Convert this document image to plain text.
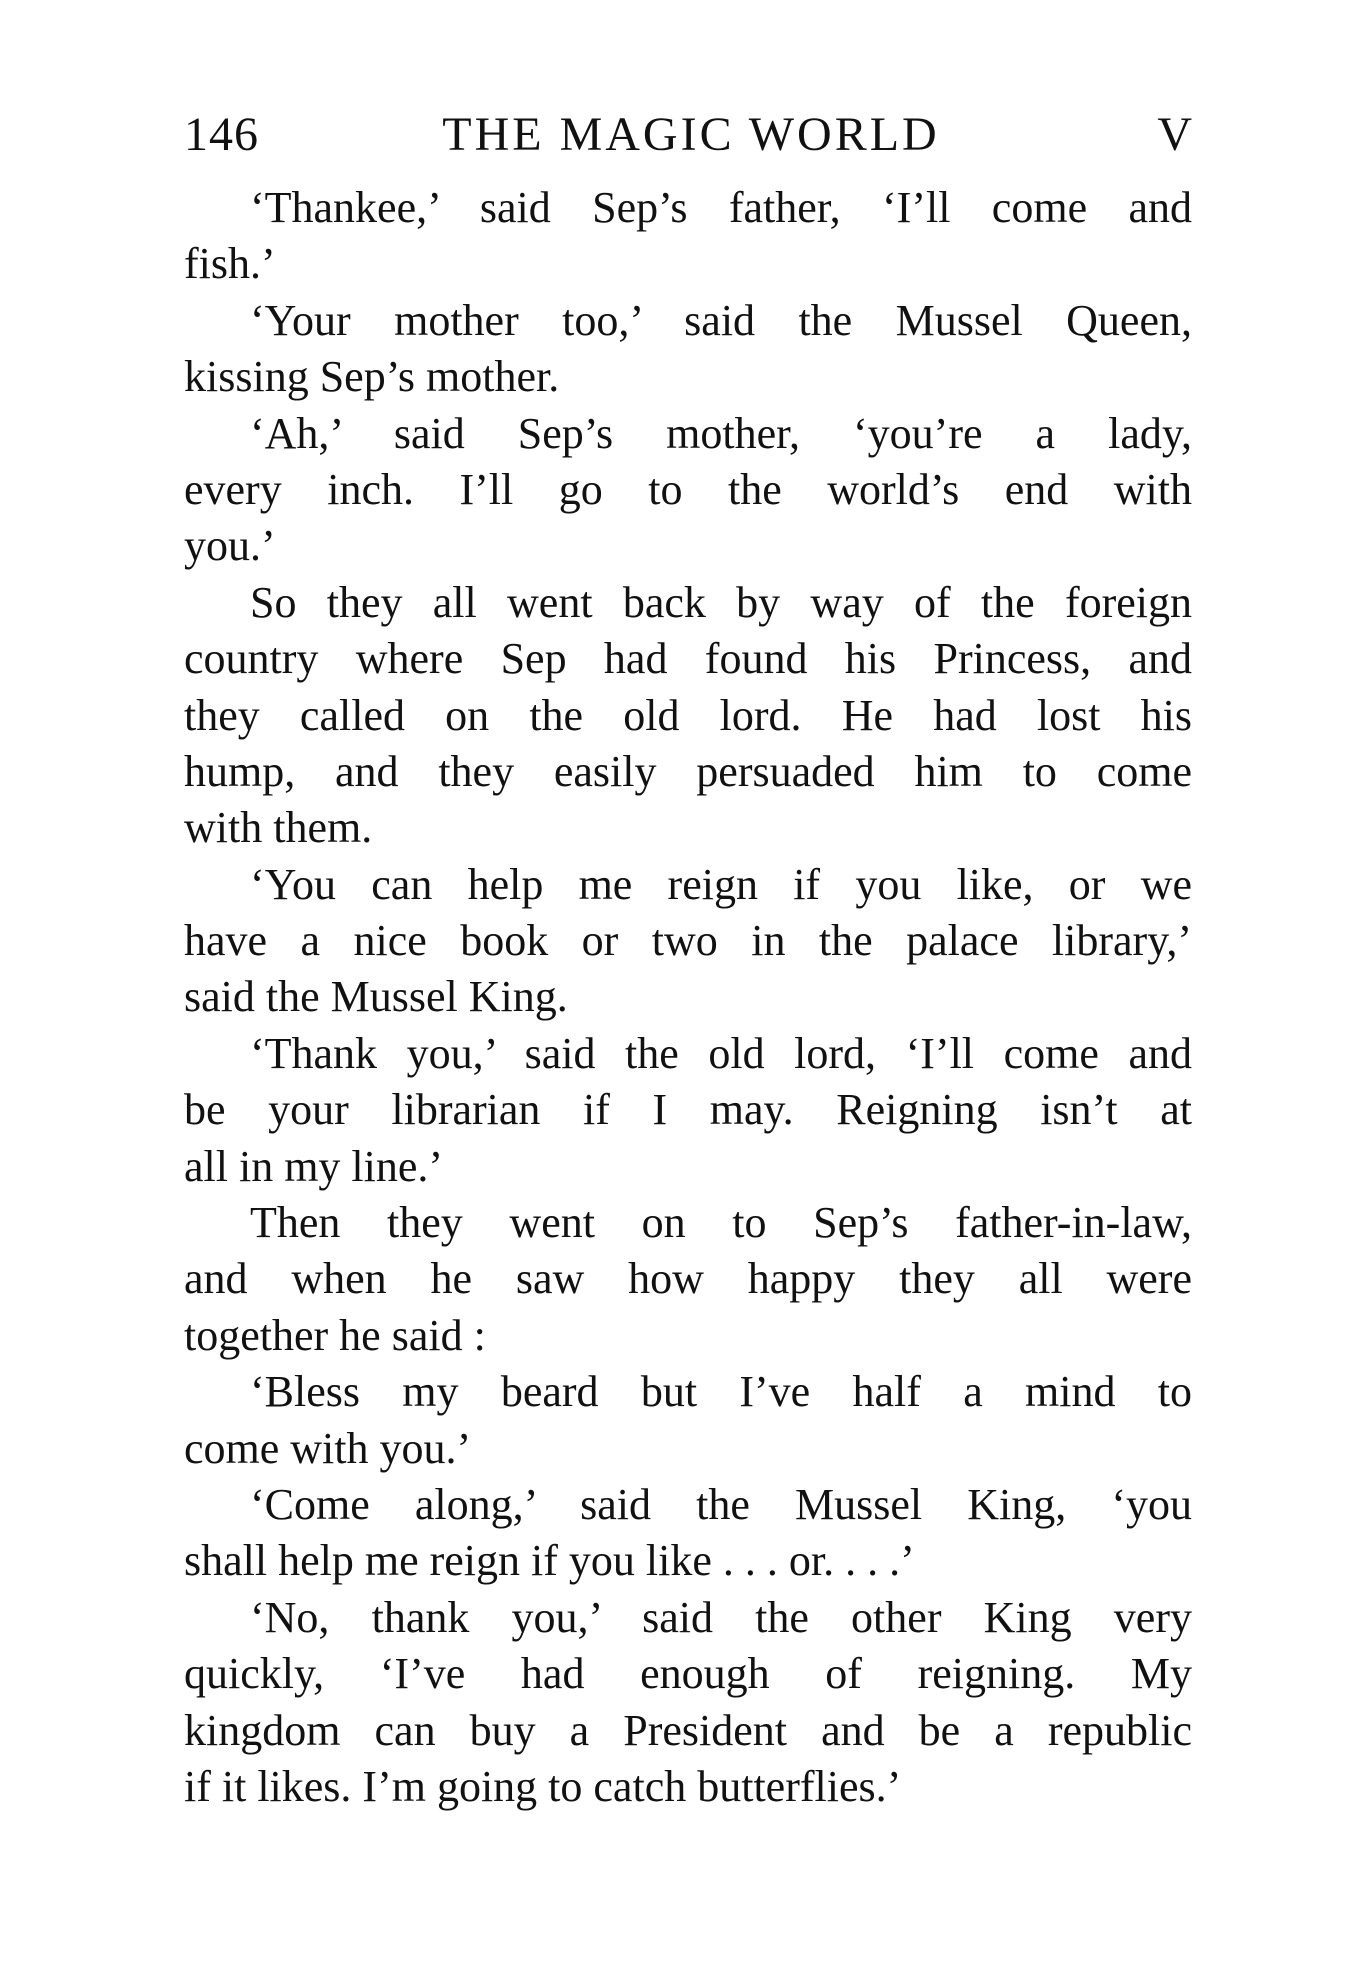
146	THE MAGIC WORLD	V
‘Thankee,’ said Sep’s father, ‘I’ll come and
fish.’
‘Your mother too,’ said the Mussel Queen,
kissing Sep’s mother.
‘Ah,’ said Sep’s mother, ‘you’re a lady,
every inch. I’ll go to the world’s end with
you.’
So they all went back by way of the foreign
country where Sep had found his Princess, and
they called on the old lord. He had lost his
hump, and they easily persuaded him to come
with them.
‘You can help me reign if you like, or we
have a nice book or two in the palace library,’
said the Mussel King.
‘Thank you,’ said the old lord, ‘I’ll come and
be your librarian if I may. Reigning isn’t at
all in my line.’
Then they went on to Sep’s father-in-law,
and when he saw how happy they all were
together he said :
‘Bless my beard but I’ve half a mind to
come with you.’
‘Come along,’ said the Mussel King, ‘you
shall help me reign if you like . . . or. . . .’
‘No, thank you,’ said the other King very
quickly, ‘I’ve had enough of reigning. My
kingdom can buy a President and be a republic
if it likes. I’m going to catch butterflies.’
